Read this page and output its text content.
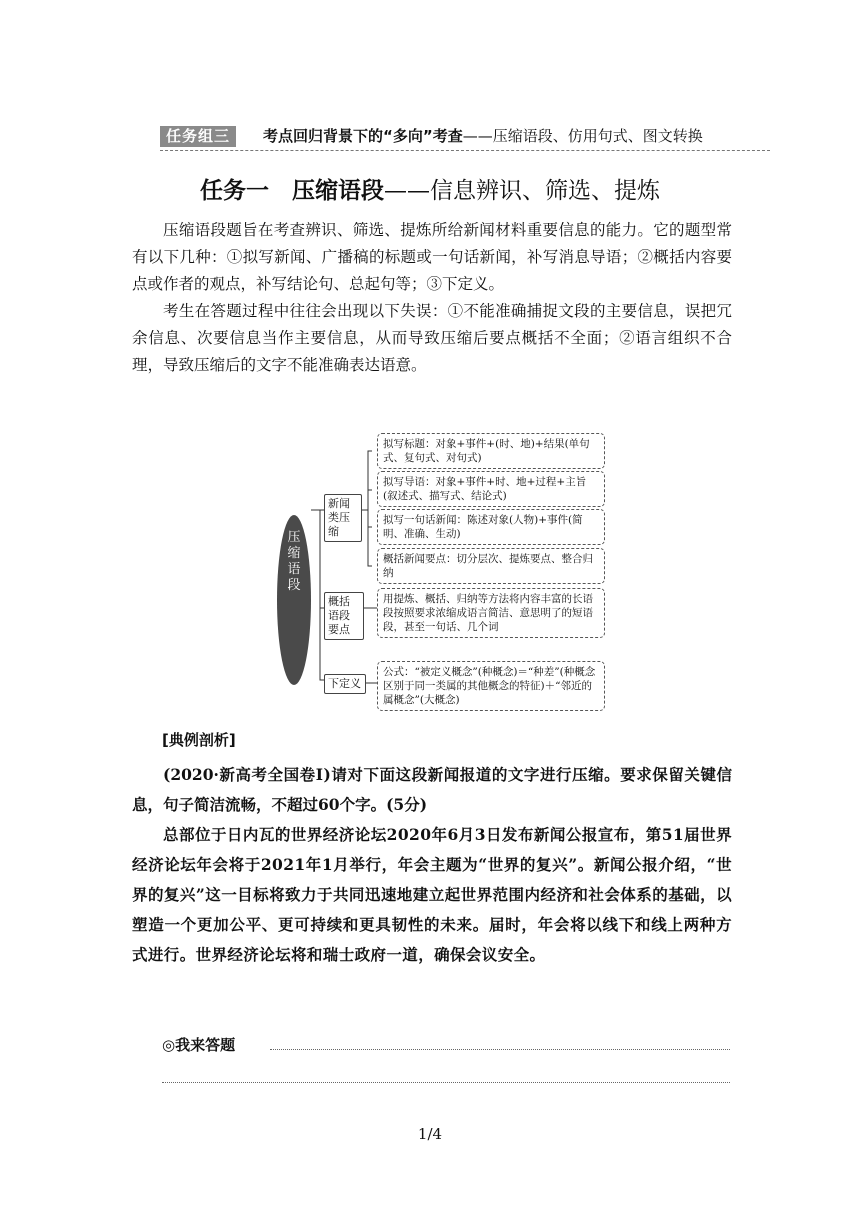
任务组三	考点回归背景下的“多向”考查——压缩语段、仿用句式、图文转换
任务一　压缩语段——信息辨识、筛选、提炼

压缩语段题旨在考查辨识、筛选、提炼所给新闻材料重要信息的能力。它的题型常有以下几种：①拟写新闻、广播稿的标题或一句话新闻，补写消息导语；②概括内容要点或作者的观点，补写结论句、总起句等；③下定义。

考生在答题过程中往往会出现以下失误：①不能准确捕捉文段的主要信息，误把冗余信息、次要信息当作主要信息，从而导致压缩后要点概括不全面；②语言组织不合理，导致压缩后的文字不能准确表达语意。

压
缩
语
段
新闻类压缩
概括语段要点
下定义
拟写标题：对象+事件+(时、地)+结果(单句式、复句式、对句式)
拟写导语：对象+事件+时、地+过程+主旨(叙述式、描写式、结论式)
拟写一句话新闻：陈述对象(人物)+事件(简明、准确、生动)
概括新闻要点：切分层次、提炼要点、整合归纳
用提炼、概括、归纳等方法将内容丰富的长语段按照要求浓缩成语言简洁、意思明了的短语段，甚至一句话、几个词
公式：“被定义概念”(种概念)＝“种差”(种概念区别于同一类属的其他概念的特征)＋“邻近的属概念”(大概念)
[典例剖析]

(2020·新高考全国卷Ⅰ)请对下面这段新闻报道的文字进行压缩。要求保留关键信息，句子简洁流畅，不超过60个字。(5分)

总部位于日内瓦的世界经济论坛2020年6月3日发布新闻公报宣布，第51届世界经济论坛年会将于2021年1月举行，年会主题为“世界的复兴”。新闻公报介绍，“世界的复兴”这一目标将致力于共同迅速地建立起世界范围内经济和社会体系的基础，以塑造一个更加公平、更可持续和更具韧性的未来。届时，年会将以线下和线上两种方式进行。世界经济论坛将和瑞士政府一道，确保会议安全。

◎我来答题
1/4
